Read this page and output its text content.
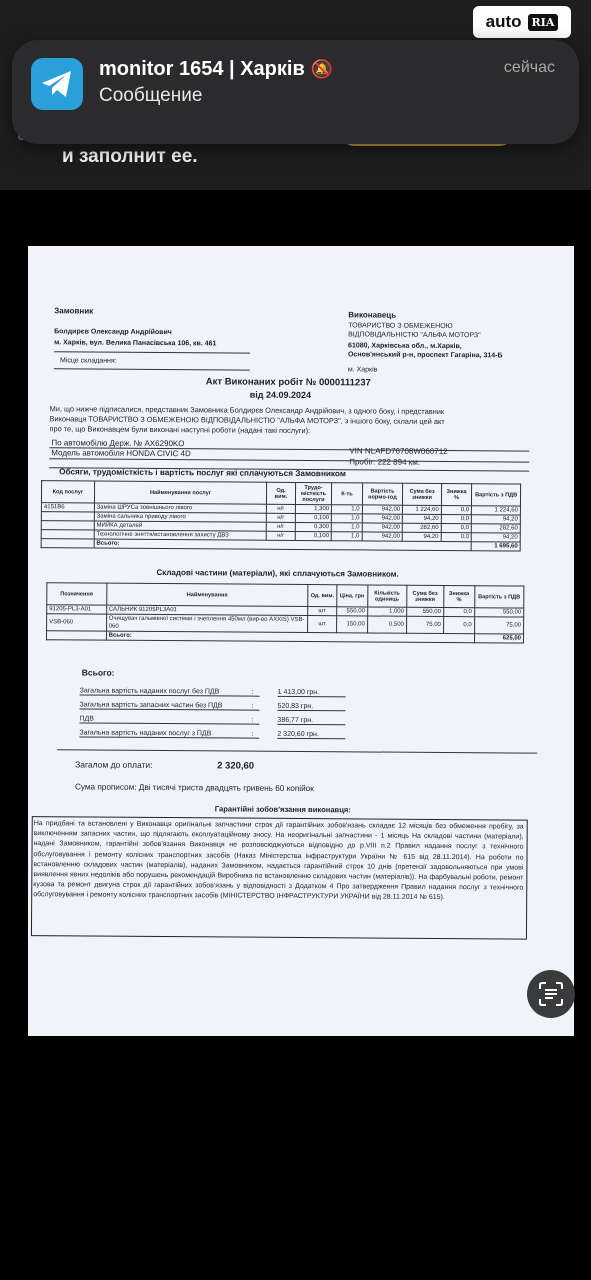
auto RIA
и заполнит ее.
monitor 1654 | Харків 🔕
Сообщение
сейчас
Замовник
Болдирєв Олександр Андрійович
м. Харків, вул. Велика Панасівська 106, кв. 461
Місце складання:
Виконавець
ТОВАРИСТВО З ОБМЕЖЕНОЮ
ВІДПОВІДАЛЬНІСТЮ "АЛЬФА МОТОРЗ"
61080, Харківська обл., м.Харків,
Основ'янський р-н, проспект Гагаріна, 314-Б
м. Харків
Акт Виконаних робіт № 0000111237
від 24.09.2024
Ми, що нижче підписалися, представник Замовника Болдирєв Олександр Андрійович, з одного боку, і представник
Виконавця ТОВАРИСТВО З ОБМЕЖЕНОЮ ВІДПОВІДАЛЬНІСТЮ "АЛЬФА МОТОРЗ", з іншого боку, склали цей акт
про те, що Виконавцем були виконані наступні роботи (надані такі послуги):
По автомобілю Держ. № AX6290KO
Модель автомобіля HONDA CIVIC 4D	VIN NLAFD76708W060712
Пробіг: 222 894 км.
Обсяги, трудомісткість і вартість послуг які сплачуються Замовником
Код послуг	Найменування послуг	Од. вим.	Трудо-місткість послуги	К-ть	Вартість нормо-год	Сума без знижки	Знижка %	Вартість з ПДВ
4151B6	Заміна ШРУСа зовнішнього лівого	н/г	1,300	1,0	942,00	1 224,60	0,0	1 224,60
	Заміна сальника приводу лівого	н/г	0,100	1,0	942,00	94,20	0,0	94,20
	МИЙКА деталей	н/г	0,300	1,0	942,00	282,60	0,0	282,60
	Технологічне зняття/встановлення захисту ДВЗ	н/г	0,100	1,0	942,00	94,20	0,0	94,20
	Всього:							1 695,60
Складові частини (матеріали), які сплачуються Замовником.
Позначення	Найменування	Од. вим.	Ціна, грн	Кількість одиниць	Сума без знижки	Знижка %	Вартість з ПДВ
91205-PL3-A01	САЛЬНИК 91205PL3A01	шт	550,00	1,000	550,00	0,0	550,00
VSB-060	Очищувач гальмівної системи і зчеплення 450мл (вир-во AXXIS) VSB-060	шт	150,00	0,500	75,00	0,0	75,00
	Всього:						625,00
Всього:
Загальна вартість наданих послуг без ПДВ	:	1 413,00 грн.
Загальна вартість запасних частин без ПДВ	:	520,83 грн.
ПДВ	:	386,77 грн.
Загальна вартість наданих послуг з ПДВ	:	2 320,60 грн.
Загалом до оплати:	2 320,60
Сума прописом: Дві тисячі триста двадцять гривень 60 копійок
Гарантійні зобов'язання виконавця:
На придбані та встановлені у Виконавця оригінальні запчастини строк дії гарантійних зобов'язань складає 12 місяців без обмеження пробігу, за виключенням запасних частин, що підлягають експлуатаційному зносу. На неоригінальні запчастини - 1 місяць На складові частини (матеріали), надані Замовником, гарантійні зобов'язання Виконавця не розповсюджуються відповідно до р.VIII п.2 Правил надання послуг з технічного обслуговування і ремонту колісних транспортних засобів (Наказ Міністерства інфраструктури України № 615 від 28.11.2014). На роботи по встановленню складових частин (матеріалів), наданих Замовником, надається гарантійний строк 10 днів (претензії задовольняються при умові виявлення явних недоліків або порушень рекомендацій Виробника по встановленню складових частин (матеріалів)). На фарбувальні роботи, ремонт кузова та ремонт двигуна строк дії гарантійних зобов'язань у відповідності з Додатком 4 Про затвердження Правил надання послуг з технічного обслуговування і ремонту колісних транспортних засобів (МІНІСТЕРСТВО ІНФРАСТРУКТУРИ УКРАЇНИ від 28.11.2014 № 615).
